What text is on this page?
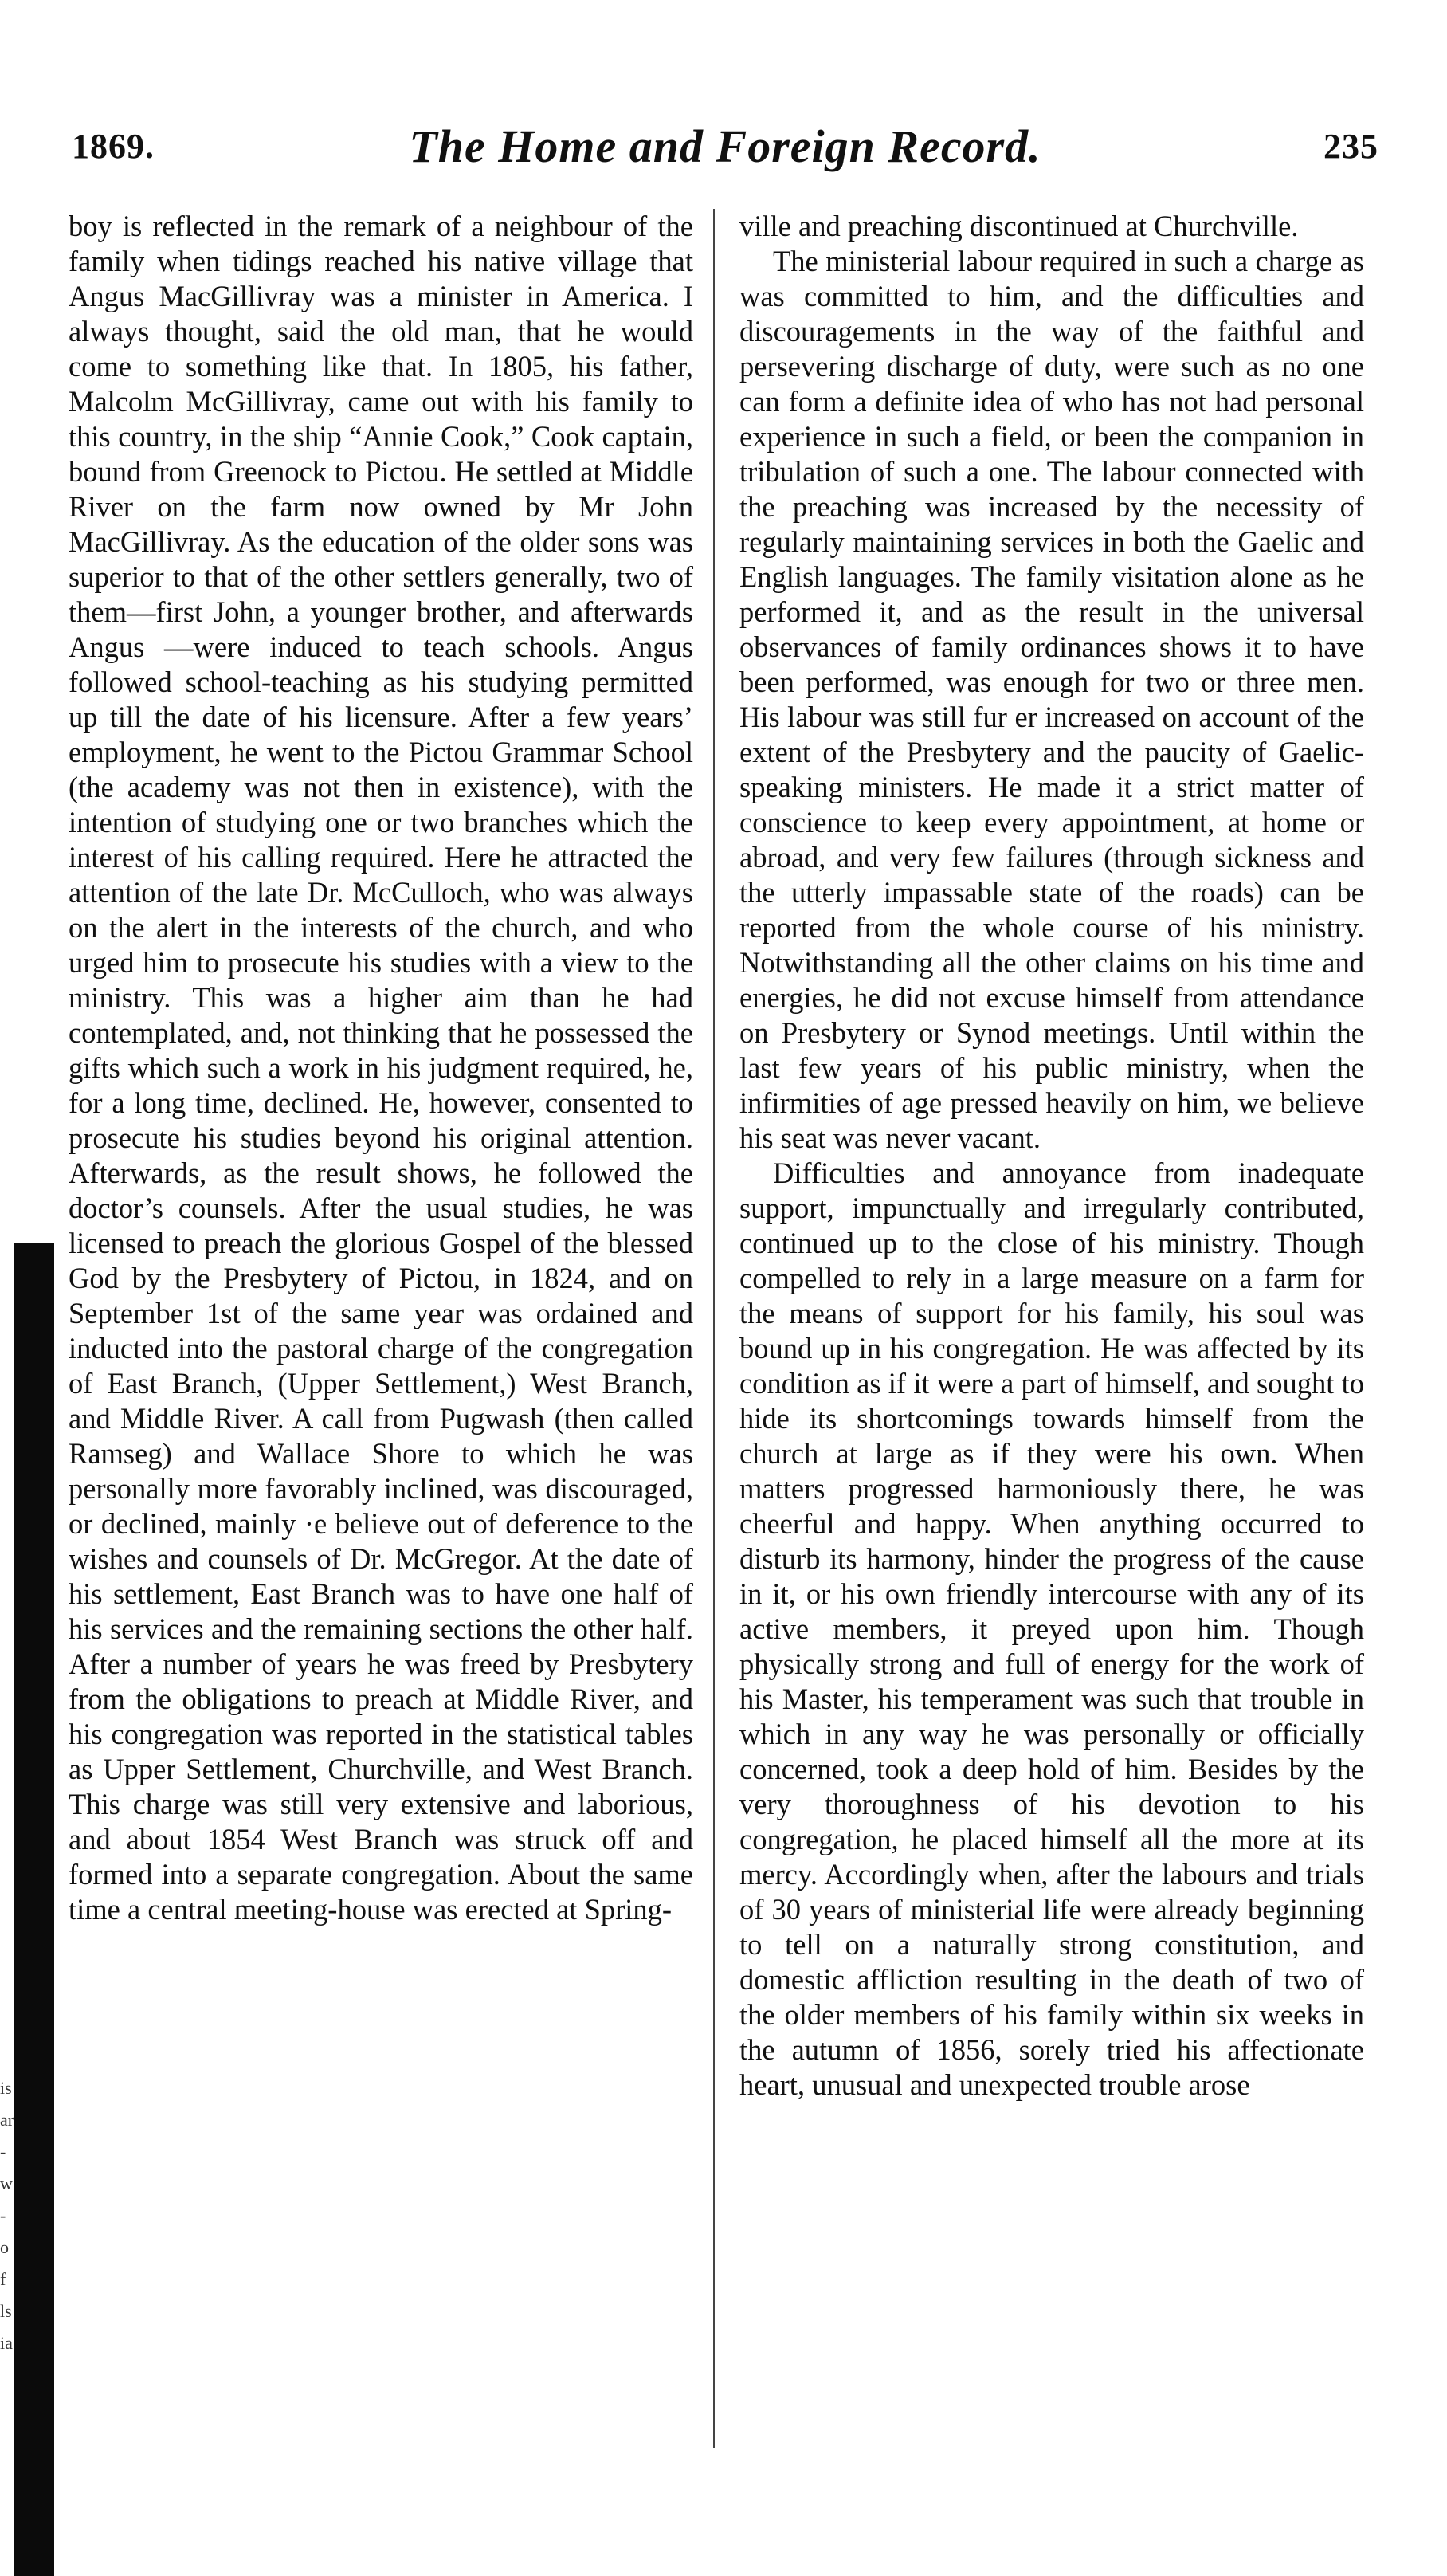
is ar- w- of ls ia
1869.	The Home and Foreign Record.	235

boy is reflected in the remark of a neighbour of the family when tidings reached his native village that Angus MacGillivray was a minister in America. I always thought, said the old man, that he would come to something like that. In 1805, his father, Malcolm McGillivray, came out with his family to this country, in the ship “Annie Cook,” Cook captain, bound from Greenock to Pictou. He settled at Middle River on the farm now owned by Mr John MacGillivray. As the education of the older sons was superior to that of the other settlers generally, two of them—first John, a younger brother, and afterwards Angus —were induced to teach schools. Angus followed school-teaching as his studying permitted up till the date of his licensure. After a few years’ employment, he went to the Pictou Grammar School (the academy was not then in existence), with the intention of studying one or two branches which the interest of his calling required. Here he attracted the attention of the late Dr. McCulloch, who was always on the alert in the interests of the church, and who urged him to prosecute his studies with a view to the ministry. This was a higher aim than he had contemplated, and, not thinking that he possessed the gifts which such a work in his judgment required, he, for a long time, declined. He, however, consented to prosecute his studies beyond his original attention. Afterwards, as the result shows, he followed the doctor’s counsels. After the usual studies, he was licensed to preach the glorious Gospel of the blessed God by the Presbytery of Pictou, in 1824, and on September 1st of the same year was ordained and inducted into the pastoral charge of the congregation of East Branch, (Upper Settlement,) West Branch, and Middle River. A call from Pugwash (then called Ramseg) and Wallace Shore to which he was personally more favorably inclined, was discouraged, or declined, mainly ·e believe out of deference to the wishes and counsels of Dr. McGregor. At the date of his settlement, East Branch was to have one half of his services and the remaining sections the other half. After a number of years he was freed by Presbytery from the obligations to preach at Middle River, and his congregation was reported in the statistical tables as Upper Settlement, Churchville, and West Branch. This charge was still very extensive and laborious, and about 1854 West Branch was struck off and formed into a separate congregation. About the same time a central meeting-house was erected at Spring-

ville and preaching discontinued at Churchville.

The ministerial labour required in such a charge as was committed to him, and the difficulties and discouragements in the way of the faithful and persevering discharge of duty, were such as no one can form a definite idea of who has not had personal experience in such a field, or been the companion in tribulation of such a one. The labour connected with the preaching was increased by the necessity of regularly maintaining services in both the Gaelic and English languages. The family visitation alone as he performed it, and as the result in the universal observances of family ordinances shows it to have been performed, was enough for two or three men. His labour was still fur er increased on account of the extent of the Presbytery and the paucity of Gaelic-speaking ministers. He made it a strict matter of conscience to keep every appointment, at home or abroad, and very few failures (through sickness and the utterly impassable state of the roads) can be reported from the whole course of his ministry. Notwithstanding all the other claims on his time and energies, he did not excuse himself from attendance on Presbytery or Synod meetings. Until within the last few years of his public ministry, when the infirmities of age pressed heavily on him, we believe his seat was never vacant.

Difficulties and annoyance from inadequate support, impunctually and irregularly contributed, continued up to the close of his ministry. Though compelled to rely in a large measure on a farm for the means of support for his family, his soul was bound up in his congregation. He was affected by its condition as if it were a part of himself, and sought to hide its shortcomings towards himself from the church at large as if they were his own. When matters progressed harmoniously there, he was cheerful and happy. When anything occurred to disturb its harmony, hinder the progress of the cause in it, or his own friendly intercourse with any of its active members, it preyed upon him. Though physically strong and full of energy for the work of his Master, his temperament was such that trouble in which in any way he was personally or officially concerned, took a deep hold of him. Besides by the very thoroughness of his devotion to his congregation, he placed himself all the more at its mercy. Accordingly when, after the labours and trials of 30 years of ministerial life were already beginning to tell on a naturally strong constitution, and domestic affliction resulting in the death of two of the older members of his family within six weeks in the autumn of 1856, sorely tried his affectionate heart, unusual and unexpected trouble arose
